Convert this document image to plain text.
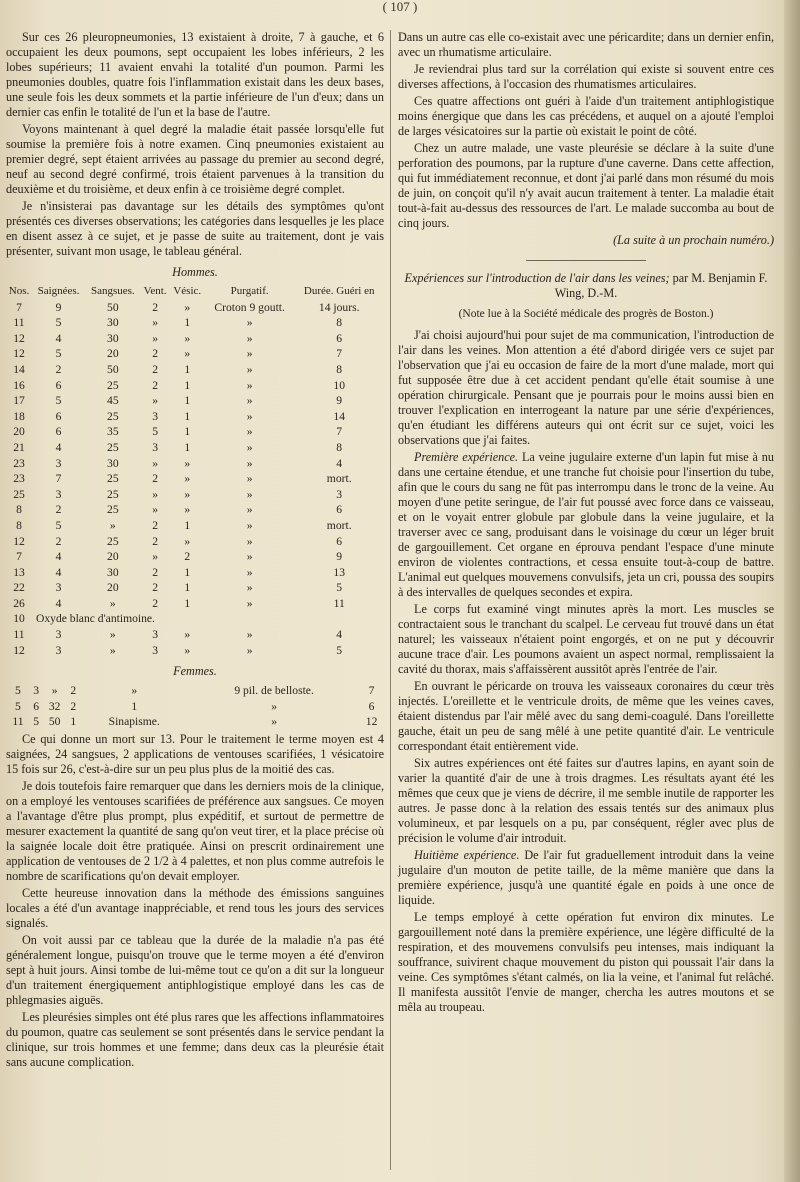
( 107 )

Sur ces 26 pleuropneumonies, 13 existaient à droite, 7 à gauche, et 6 occupaient les deux poumons, sept occupaient les lobes inférieurs, 2 les lobes supérieurs; 11 avaient envahi la totalité d'un poumon. Parmi les pneumonies doubles, quatre fois l'inflammation existait dans les deux bases, une seule fois les deux sommets et la partie inférieure de l'un d'eux; dans un dernier cas enfin le totalité de l'un et la base de l'autre.

Voyons maintenant à quel degré la maladie était passée lorsqu'elle fut soumise la première fois à notre examen. Cinq pneumonies existaient au premier degré, sept étaient arrivées au passage du premier au second degré, neuf au second degré confirmé, trois étaient parvenues à la transition du deuxième et du troisième, et deux enfin à ce troisième degré complet.

Je n'insisterai pas davantage sur les détails des symptômes qu'ont présentés ces diverses observations; les catégories dans lesquelles je les place en disent assez à ce sujet, et je passe de suite au traitement, dont je vais présenter, suivant mon usage, le tableau général.

Hommes.
Nos.	Saignées.	Sangsues.	Vent.	Vésic.	Purgatif.	Durée. Guéri en
7	9	50	2	»	Croton 9 goutt.	14 jours.
11	5	30	»	1	»	8
12	4	30	»	»	»	6
12	5	20	2	»	»	7
14	2	50	2	1	»	8
16	6	25	2	1	»	10
17	5	45	»	1	»	9
18	6	25	3	1	»	14
20	6	35	5	1	»	7
21	4	25	3	1	»	8
23	3	30	»	»	»	4
23	7	25	2	»	»	mort.
25	3	25	»	»	»	3
8	2	25	»	»	»	6
8	5	»	2	1	»	mort.
12	2	25	2	»	»	6
7	4	20	»	2	»	9
13	4	30	2	1	»	13
22	3	20	2	1	»	5
26	4	»	2	1	»	11
10	Oxyde blanc d'antimoine.					
11	3	»	3	»	»	4
12	3	»	3	»	»	5
Femmes.
5	3	»	2	»	9 pil. de belloste.	7
5	6	32	2	1	»	6
11	5	50	1	Sinapisme.	»	12

Ce qui donne un mort sur 13. Pour le traitement le terme moyen est 4 saignées, 24 sangsues, 2 applications de ventouses scarifiées, 1 vésicatoire 15 fois sur 26, c'est-à-dire sur un peu plus plus de la moitié des cas.

Je dois toutefois faire remarquer que dans les derniers mois de la clinique, on a employé les ventouses scarifiées de préférence aux sangsues. Ce moyen a l'avantage d'être plus prompt, plus expéditif, et surtout de permettre de mesurer exactement la quantité de sang qu'on veut tirer, et la place précise où la saignée locale doit être pratiquée. Ainsi on prescrit ordinairement une application de ventouses de 2 1/2 à 4 palettes, et non plus comme autrefois le nombre de scarifications qu'on devait employer.

Cette heureuse innovation dans la méthode des émissions sanguines locales a été d'un avantage inappréciable, et rend tous les jours des services signalés.

On voit aussi par ce tableau que la durée de la maladie n'a pas été généralement longue, puisqu'on trouve que le terme moyen a été d'environ sept à huit jours. Ainsi tombe de lui-même tout ce qu'on a dit sur la longueur d'un traitement énergiquement antiphlogistique employé dans les cas de phlegmasies aiguës.

Les pleurésies simples ont été plus rares que les affections inflammatoires du poumon, quatre cas seulement se sont présentés dans le service pendant la clinique, sur trois hommes et une femme; dans deux cas la pleurésie était sans aucune complication.

Dans un autre cas elle co-existait avec une péricardite; dans un dernier enfin, avec un rhumatisme articulaire.

Je reviendrai plus tard sur la corrélation qui existe si souvent entre ces diverses affections, à l'occasion des rhumatismes articulaires.

Ces quatre affections ont guéri à l'aide d'un traitement antiphlogistique moins énergique que dans les cas précédens, et auquel on a ajouté l'emploi de larges vésicatoires sur la partie où existait le point de côté.

Chez un autre malade, une vaste pleurésie se déclare à la suite d'une perforation des poumons, par la rupture d'une caverne. Dans cette affection, qui fut immédiatement reconnue, et dont j'ai parlé dans mon résumé du mois de juin, on conçoit qu'il n'y avait aucun traitement à tenter. La maladie était tout-à-fait au-dessus des ressources de l'art. Le malade succomba au bout de cinq jours.

(La suite à un prochain numéro.)

Expériences sur l'introduction de l'air dans les veines; par M. Benjamin F. Wing, D.-M.

(Note lue à la Société médicale des progrès de Boston.)

J'ai choisi aujourd'hui pour sujet de ma communication, l'introduction de l'air dans les veines. Mon attention a été d'abord dirigée vers ce sujet par l'observation que j'ai eu occasion de faire de la mort d'une malade, mort qui fut supposée être due à cet accident pendant qu'elle était soumise à une opération chirurgicale. Pensant que je pourrais pour le moins aussi bien en trouver l'explication en interrogeant la nature par une série d'expériences, qu'en étudiant les différens auteurs qui ont écrit sur ce sujet, voici les observations que j'ai faites.

Première expérience. La veine jugulaire externe d'un lapin fut mise à nu dans une certaine étendue, et une tranche fut choisie pour l'insertion du tube, afin que le cours du sang ne fût pas interrompu dans le tronc de la veine. Au moyen d'une petite seringue, de l'air fut poussé avec force dans ce vaisseau, et on le voyait entrer globule par globule dans la veine jugulaire, et la traverser avec ce sang, produisant dans le voisinage du cœur un léger bruit de gargouillement. Cet organe en éprouva pendant l'espace d'une minute environ de violentes contractions, et cessa ensuite tout-à-coup de battre. L'animal eut quelques mouvemens convulsifs, jeta un cri, poussa des soupirs à des intervalles de quelques secondes et expira.

Le corps fut examiné vingt minutes après la mort. Les muscles se contractaient sous le tranchant du scalpel. Le cerveau fut trouvé dans un état naturel; les vaisseaux n'étaient point engorgés, et on ne put y découvrir aucune trace d'air. Les poumons avaient un aspect normal, remplissaient la cavité du thorax, mais s'affaissèrent aussitôt après l'entrée de l'air.

En ouvrant le péricarde on trouva les vaisseaux coronaires du cœur très injectés. L'oreillette et le ventricule droits, de même que les veines caves, étaient distendus par l'air mêlé avec du sang demi-coagulé. Dans l'oreillette gauche, était un peu de sang mêlé à une petite quantité d'air. Le ventricule correspondant était entièrement vide.

Six autres expériences ont été faites sur d'autres lapins, en ayant soin de varier la quantité d'air de une à trois dragmes. Les résultats ayant été les mêmes que ceux que je viens de décrire, il me semble inutile de rapporter les autres. Je passe donc à la relation des essais tentés sur des animaux plus volumineux, et par lesquels on a pu, par conséquent, régler avec plus de précision le volume d'air introduit.

Huitième expérience. De l'air fut graduellement introduit dans la veine jugulaire d'un mouton de petite taille, de la même manière que dans la première expérience, jusqu'à une quantité égale en poids à une once de liquide.

Le temps employé à cette opération fut environ dix minutes. Le gargouillement noté dans la première expérience, une légère difficulté de la respiration, et des mouvemens convulsifs peu intenses, mais indiquant la souffrance, suivirent chaque mouvement du piston qui poussait l'air dans la veine. Ces symptômes s'étant calmés, on lia la veine, et l'animal fut relâché. Il manifesta aussitôt l'envie de manger, chercha les autres moutons et se mêla au troupeau.
